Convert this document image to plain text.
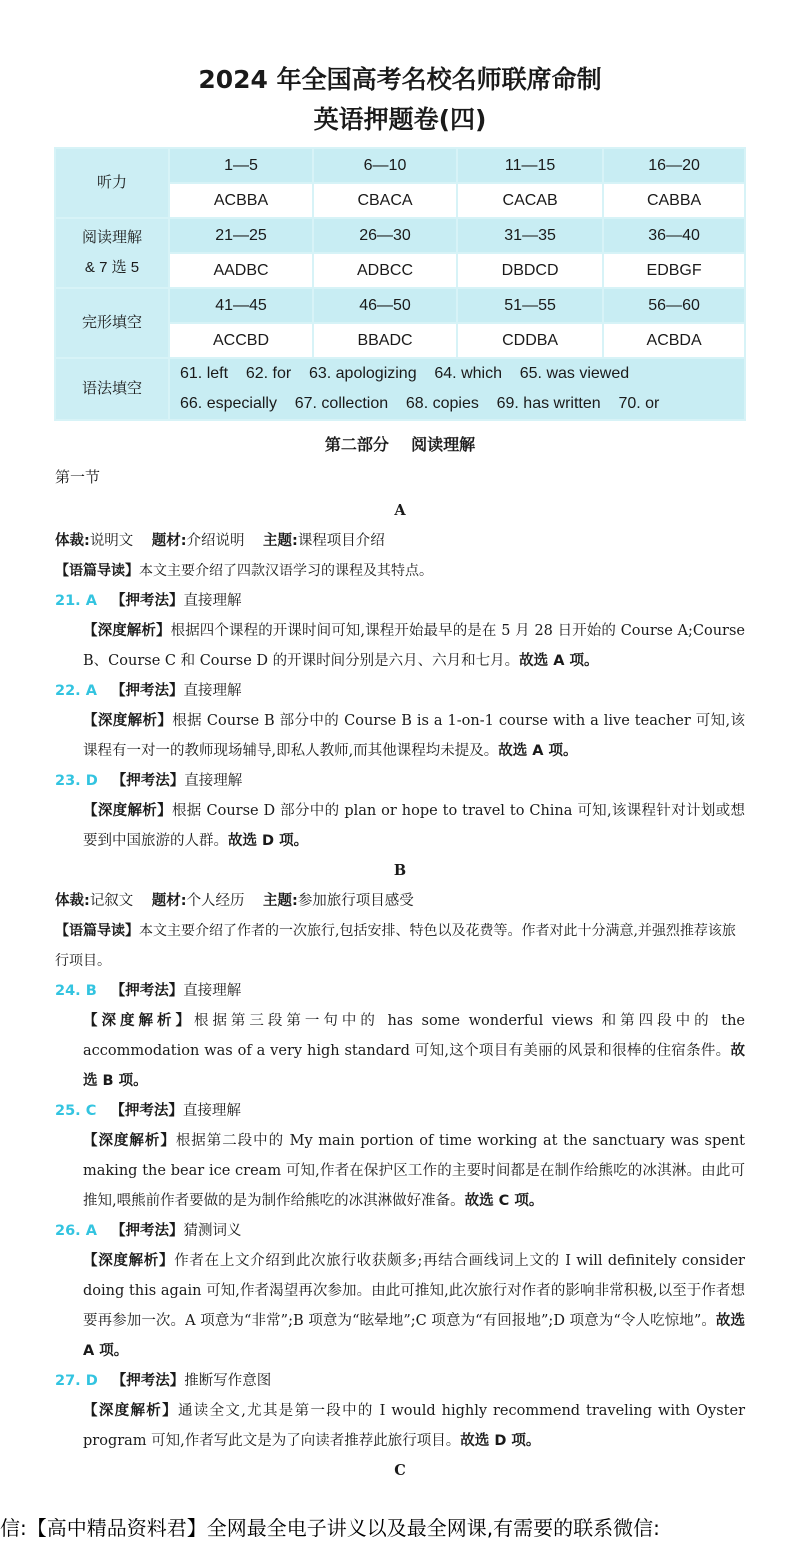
2024 年全国高考名校名师联席命制
英语押题卷(四)
听力	1—5	6—10	11—15	16—20
	ACBBA	CBACA	CACAB	CABBA

阅读理解
& 7 选 5	21—25	26—30	31—35	36—40
	AADBC	ADBCC	DBDCD	EDBGF
完形填空	41—45	46—50	51—55	56—60
	ACCBD	BBADC	CDDBA	ACBDA
语法填空	61. left    62. for    63. apologizing    64. which    65. was viewed
66. especially    67. collection    68. copies    69. has written    70. or			
第二部分    阅读理解
第一节
A
体裁:说明文 题材:介绍说明 主题:课程项目介绍
【语篇导读】本文主要介绍了四款汉语学习的课程及其特点。
21. A 【押考法】直接理解
【深度解析】根据四个课程的开课时间可知,课程开始最早的是在 5 月 28 日开始的 Course A;Course B、Course C 和 Course D 的开课时间分别是六月、六月和七月。故选 A 项。
22. A 【押考法】直接理解
【深度解析】根据 Course B 部分中的 Course B is a 1-on-1 course with a live teacher 可知,该课程有一对一的教师现场辅导,即私人教师,而其他课程均未提及。故选 A 项。
23. D 【押考法】直接理解
【深度解析】根据 Course D 部分中的 plan or hope to travel to China 可知,该课程针对计划或想要到中国旅游的人群。故选 D 项。
B
体裁:记叙文 题材:个人经历 主题:参加旅行项目感受
【语篇导读】本文主要介绍了作者的一次旅行,包括安排、特色以及花费等。作者对此十分满意,并强烈推荐该旅行项目。
24. B 【押考法】直接理解
【深度解析】根据第三段第一句中的 has some wonderful views 和第四段中的 the accommodation was of a very high standard 可知,这个项目有美丽的风景和很棒的住宿条件。故选 B 项。
25. C 【押考法】直接理解
【深度解析】根据第二段中的 My main portion of time working at the sanctuary was spent making the bear ice cream 可知,作者在保护区工作的主要时间都是在制作给熊吃的冰淇淋。由此可推知,喂熊前作者要做的是为制作给熊吃的冰淇淋做好准备。故选 C 项。
26. A 【押考法】猜测词义
【深度解析】作者在上文介绍到此次旅行收获颇多;再结合画线词上文的 I will definitely consider doing this again 可知,作者渴望再次参加。由此可推知,此次旅行对作者的影响非常积极,以至于作者想要再参加一次。A 项意为“非常”;B 项意为“眩晕地”;C 项意为“有回报地”;D 项意为“令人吃惊地”。故选 A 项。
27. D 【押考法】推断写作意图
【深度解析】通读全文,尤其是第一段中的 I would highly recommend traveling with Oyster program 可知,作者写此文是为了向读者推荐此旅行项目。故选 D 项。
C
信:【高中精品资料君】全网最全电子讲义以及最全网课,有需要的联系微信:
